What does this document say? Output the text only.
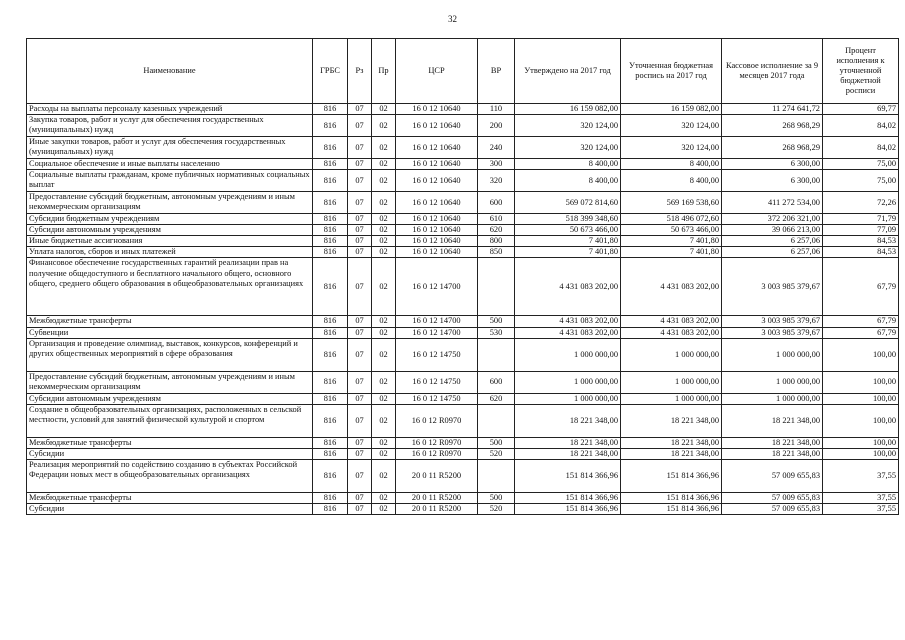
32
Наименование	ГРБС	Рз	Пр	ЦСР	ВР	Утверждено на 2017 год	Уточненная бюджетная роспись на 2017 год	Кассовое исполнение за 9 месяцев 2017 года	Процент исполнения к уточненной бюджетной росписи
Расходы на выплаты персоналу казенных учреждений	816	07	02	16 0 12 10640	110	16 159 082,00	16 159 082,00	11 274 641,72	69,77
Закупка товаров, работ и услуг для обеспечения государственных (муниципальных) нужд	816	07	02	16 0 12 10640	200	320 124,00	320 124,00	268 968,29	84,02
Иные закупки товаров, работ и услуг для обеспечения государственных (муниципальных) нужд	816	07	02	16 0 12 10640	240	320 124,00	320 124,00	268 968,29	84,02
Социальное обеспечение и иные выплаты населению	816	07	02	16 0 12 10640	300	8 400,00	8 400,00	6 300,00	75,00
Социальные выплаты гражданам, кроме публичных нормативных социальных выплат	816	07	02	16 0 12 10640	320	8 400,00	8 400,00	6 300,00	75,00
Предоставление субсидий бюджетным, автономным учреждениям и иным некоммерческим организациям	816	07	02	16 0 12 10640	600	569 072 814,60	569 169 538,60	411 272 534,00	72,26
Субсидии бюджетным учреждениям	816	07	02	16 0 12 10640	610	518 399 348,60	518 496 072,60	372 206 321,00	71,79
Субсидии автономным учреждениям	816	07	02	16 0 12 10640	620	50 673 466,00	50 673 466,00	39 066 213,00	77,09
Иные бюджетные ассигнования	816	07	02	16 0 12 10640	800	7 401,80	7 401,80	6 257,06	84,53
Уплата налогов, сборов и иных платежей	816	07	02	16 0 12 10640	850	7 401,80	7 401,80	6 257,06	84,53
Финансовое обеспечение государственных гарантий реализации прав на получение общедоступного и бесплатного начального общего, основного общего, среднего общего образования в общеобразовательных организациях	816	07	02	16 0 12 14700		4 431 083 202,00	4 431 083 202,00	3 003 985 379,67	67,79
Межбюджетные трансферты	816	07	02	16 0 12 14700	500	4 431 083 202,00	4 431 083 202,00	3 003 985 379,67	67,79
Субвенции	816	07	02	16 0 12 14700	530	4 431 083 202,00	4 431 083 202,00	3 003 985 379,67	67,79
Организация и проведение олимпиад, выставок, конкурсов, конференций и других общественных мероприятий в сфере образования	816	07	02	16 0 12 14750		1 000 000,00	1 000 000,00	1 000 000,00	100,00
Предоставление субсидий бюджетным, автономным учреждениям и иным некоммерческим организациям	816	07	02	16 0 12 14750	600	1 000 000,00	1 000 000,00	1 000 000,00	100,00
Субсидии автономным учреждениям	816	07	02	16 0 12 14750	620	1 000 000,00	1 000 000,00	1 000 000,00	100,00
Создание в общеобразовательных организациях, расположенных в сельской местности, условий для занятий физической культурой и спортом	816	07	02	16 0 12 R0970		18 221 348,00	18 221 348,00	18 221 348,00	100,00
Межбюджетные трансферты	816	07	02	16 0 12 R0970	500	18 221 348,00	18 221 348,00	18 221 348,00	100,00
Субсидии	816	07	02	16 0 12 R0970	520	18 221 348,00	18 221 348,00	18 221 348,00	100,00
Реализация мероприятий по содействию созданию в субъектах Российской Федерации новых мест в общеобразовательных организациях	816	07	02	20 0 11 R5200		151 814 366,96	151 814 366,96	57 009 655,83	37,55
Межбюджетные трансферты	816	07	02	20 0 11 R5200	500	151 814 366,96	151 814 366,96	57 009 655,83	37,55
Субсидии	816	07	02	20 0 11 R5200	520	151 814 366,96	151 814 366,96	57 009 655,83	37,55
